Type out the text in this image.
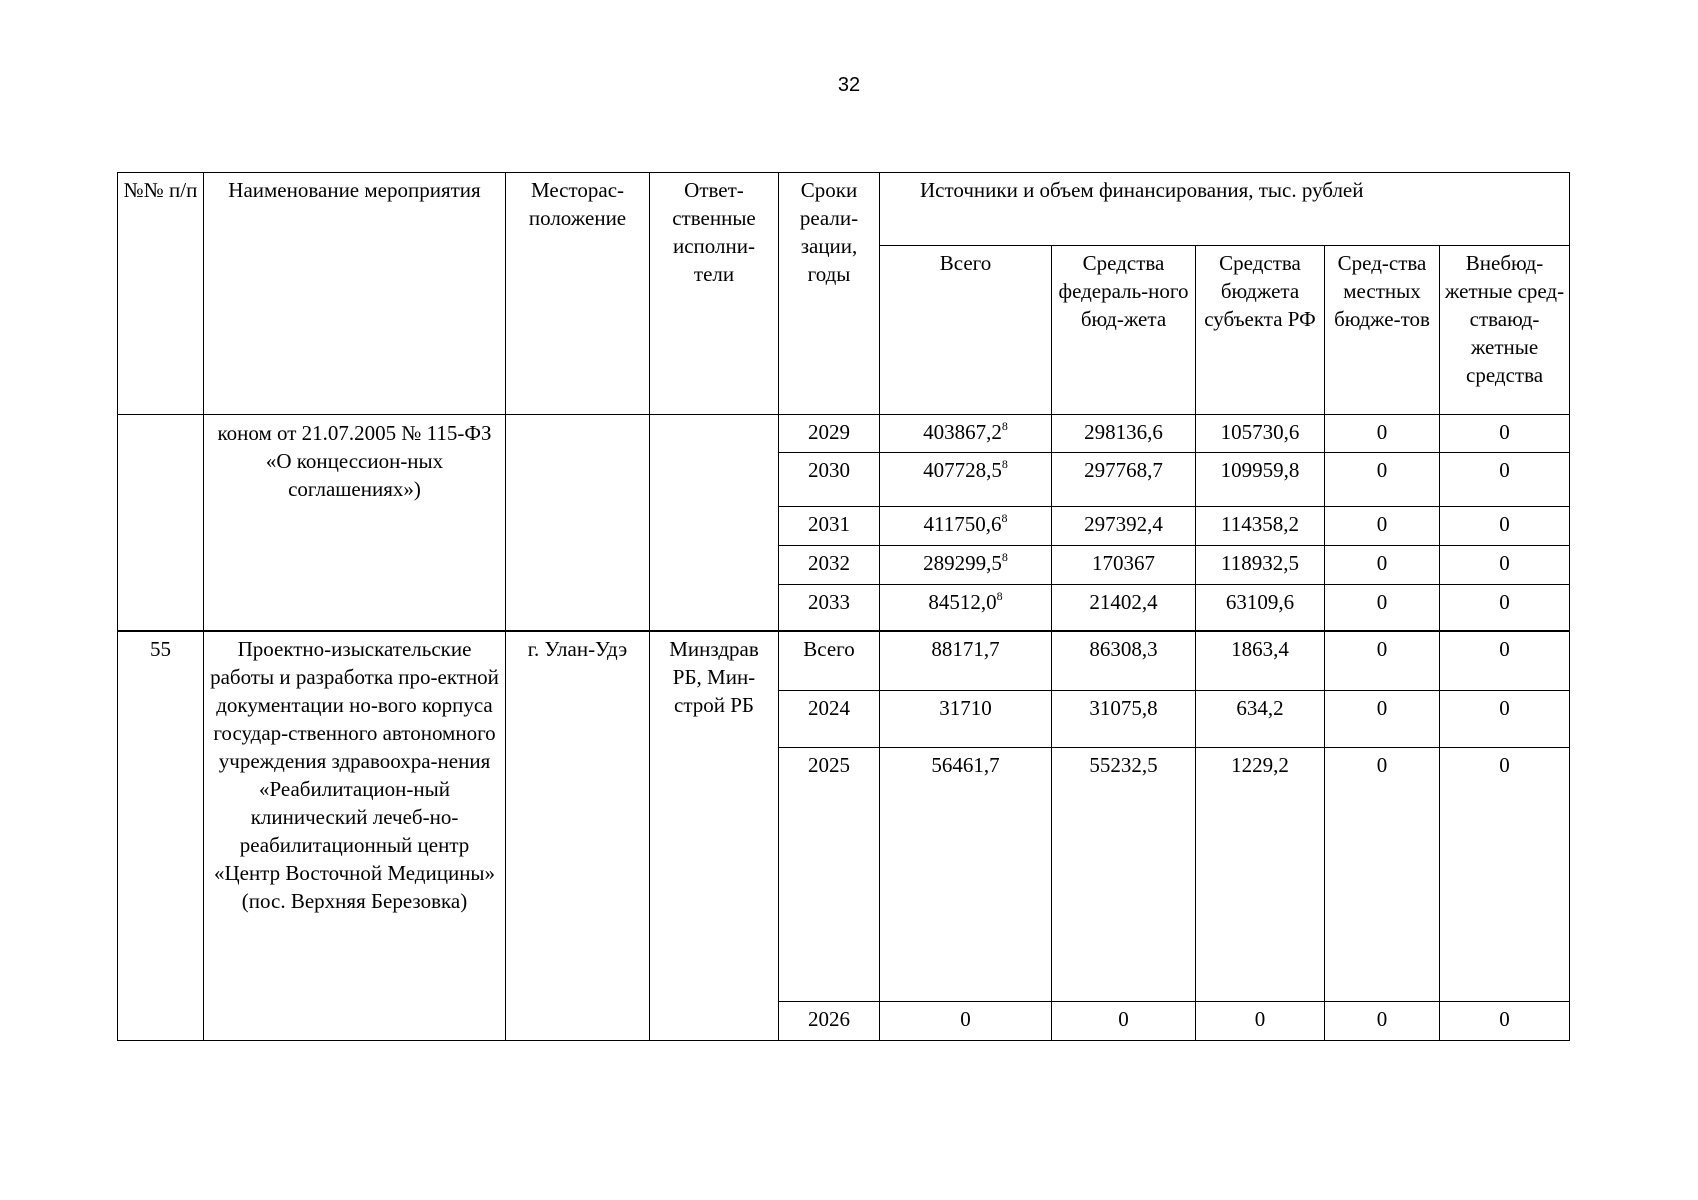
32
№№ п/п	Наименование мероприятия	Месторас-положение	Ответ-ственные исполни-тели	Сроки реали-зации, годы	Источники и объем финансирования, тыс. рублей				
					Всего	Средства федераль-ного бюд-жета	Средства бюджета субъекта РФ	Сред-ства местных бюдже-тов	Внебюд-жетные сред-стваюд-жетные средства
	коном от 21.07.2005 № 115-ФЗ «О концессион-ных соглашениях»)			2029	403867,2$^8$	298136,6	105730,6	0	0
				2030	407728,5$^8$	297768,7	109959,8	0	0
				2031	411750,6$^8$	297392,4	114358,2	0	0
				2032	289299,5$^8$	170367	118932,5	0	0
				2033	84512,0$^8$	21402,4	63109,6	0	0
55	Проектно-изыскательские работы и разработка про-ектной документации но-вого корпуса государ-ственного автономного учреждения здравоохра-нения «Реабилитацион-ный клинический лечеб-но-реабилитационный центр «Центр Восточной Медицины» (пос. Верхняя Березовка)	г. Улан-Удэ	Минздрав РБ, Мин-строй РБ	Всего	88171,7	86308,3	1863,4	0	0
				2024	31710	31075,8	634,2	0	0
				2025	56461,7	55232,5	1229,2	0	0
				2026	0	0	0	0	0
